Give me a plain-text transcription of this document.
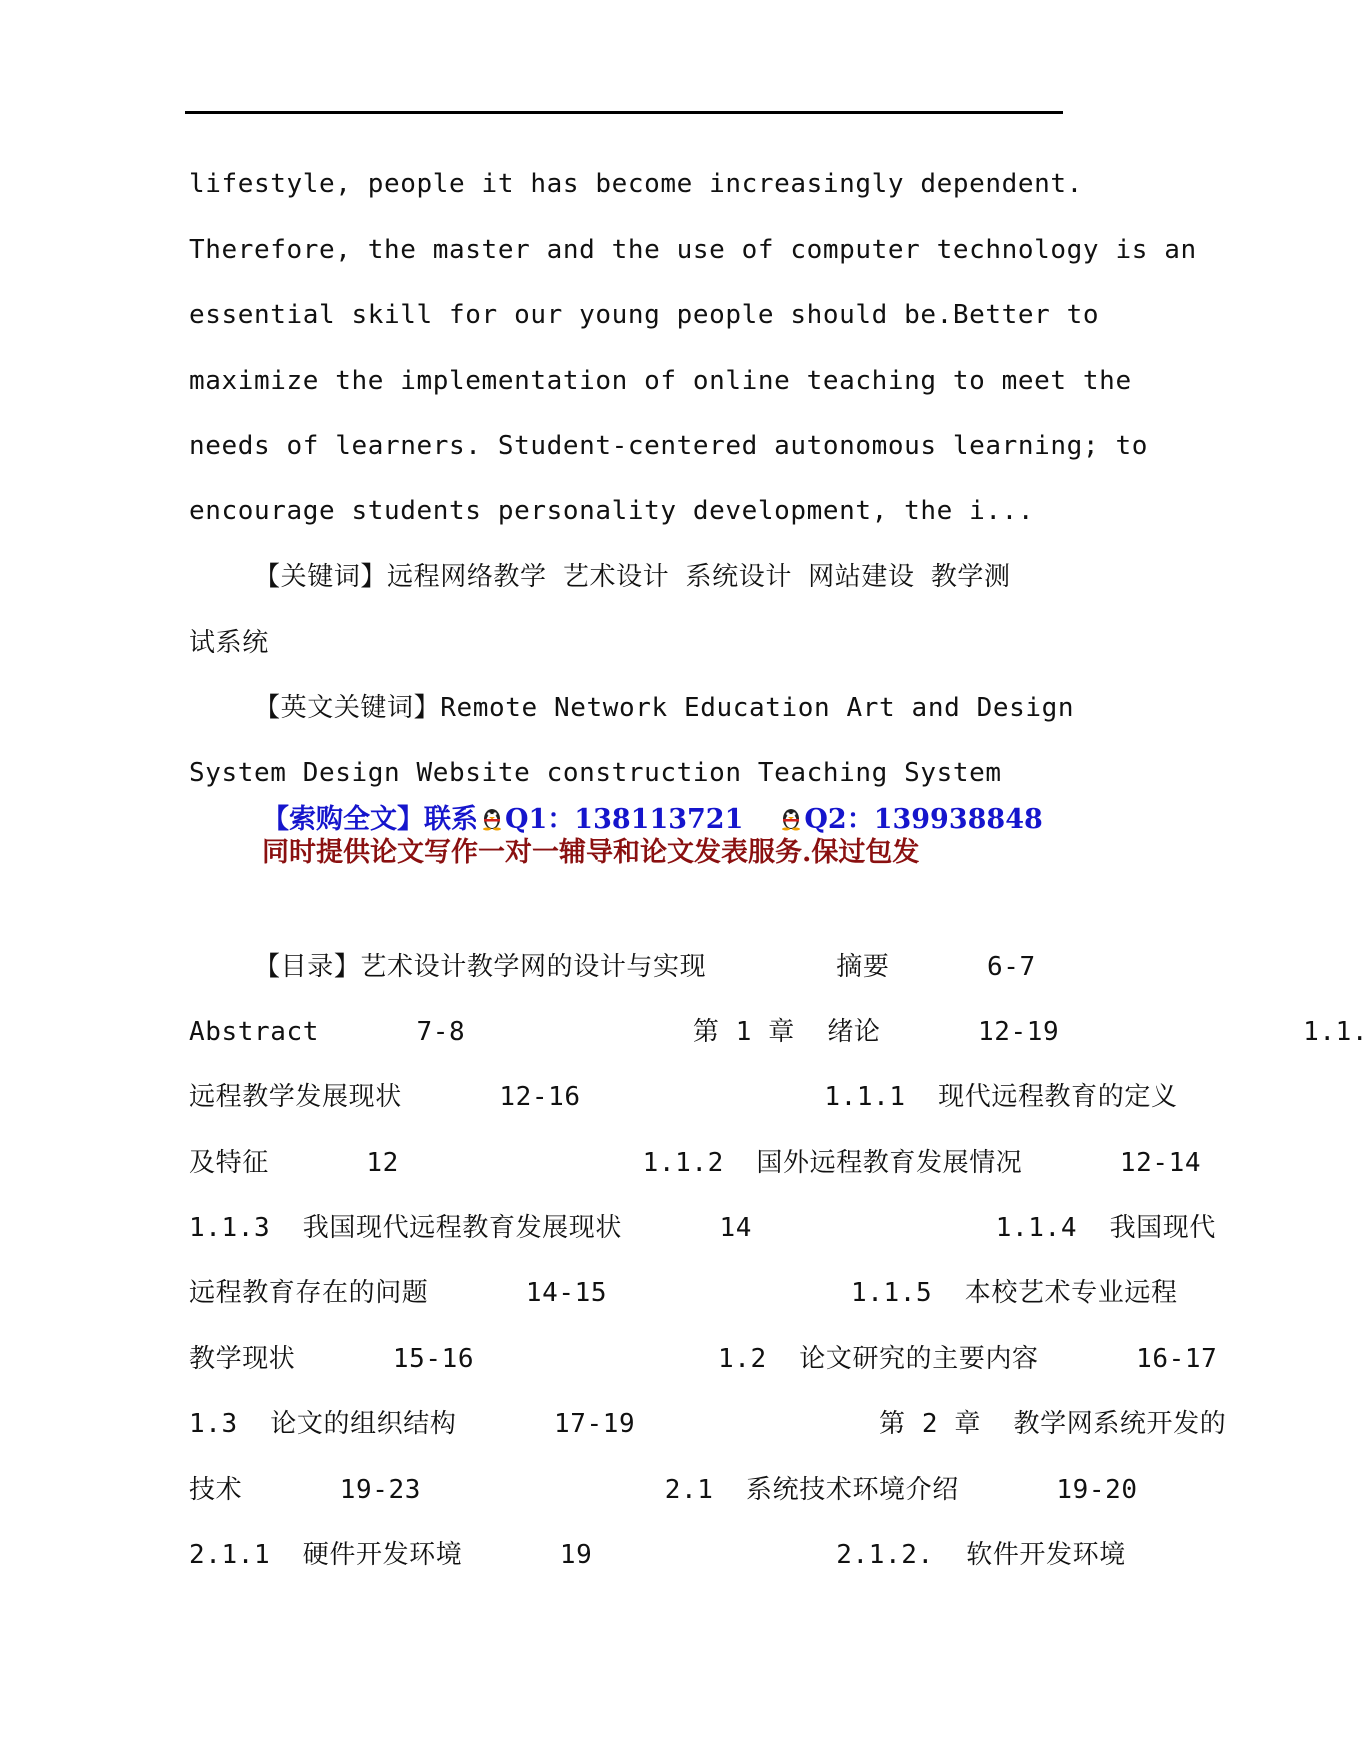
lifestyle, people it has become increasingly dependent.
Therefore, the master and the use of computer technology is an
essential skill for our young people should be.Better to
maximize the implementation of online teaching to meet the
needs of learners. Student-centered autonomous learning; to
encourage students personality development, the i...
【关键词】远程网络教学 艺术设计 系统设计 网站建设 教学测
试系统
【英文关键词】Remote Network Education Art and Design
System Design Website construction Teaching System
【索购全文】联系 Q1：138113721 Q2：139938848
同时提供论文写作一对一辅导和论文发表服务.保过包发
【目录】艺术设计教学网的设计与实现        摘要      6-7
Abstract      7-8              第 1 章  绪论      12-19               1.1.
远程教学发展现状      12-16               1.1.1  现代远程教育的定义
及特征      12               1.1.2  国外远程教育发展情况      12-14
1.1.3  我国现代远程教育发展现状      14               1.1.4  我国现代
远程教育存在的问题      14-15               1.1.5  本校艺术专业远程
教学现状      15-16               1.2  论文研究的主要内容      16-17
1.3  论文的组织结构      17-19               第 2 章  教学网系统开发的
技术      19-23               2.1  系统技术环境介绍      19-20
2.1.1  硬件开发环境      19               2.1.2.  软件开发环境
